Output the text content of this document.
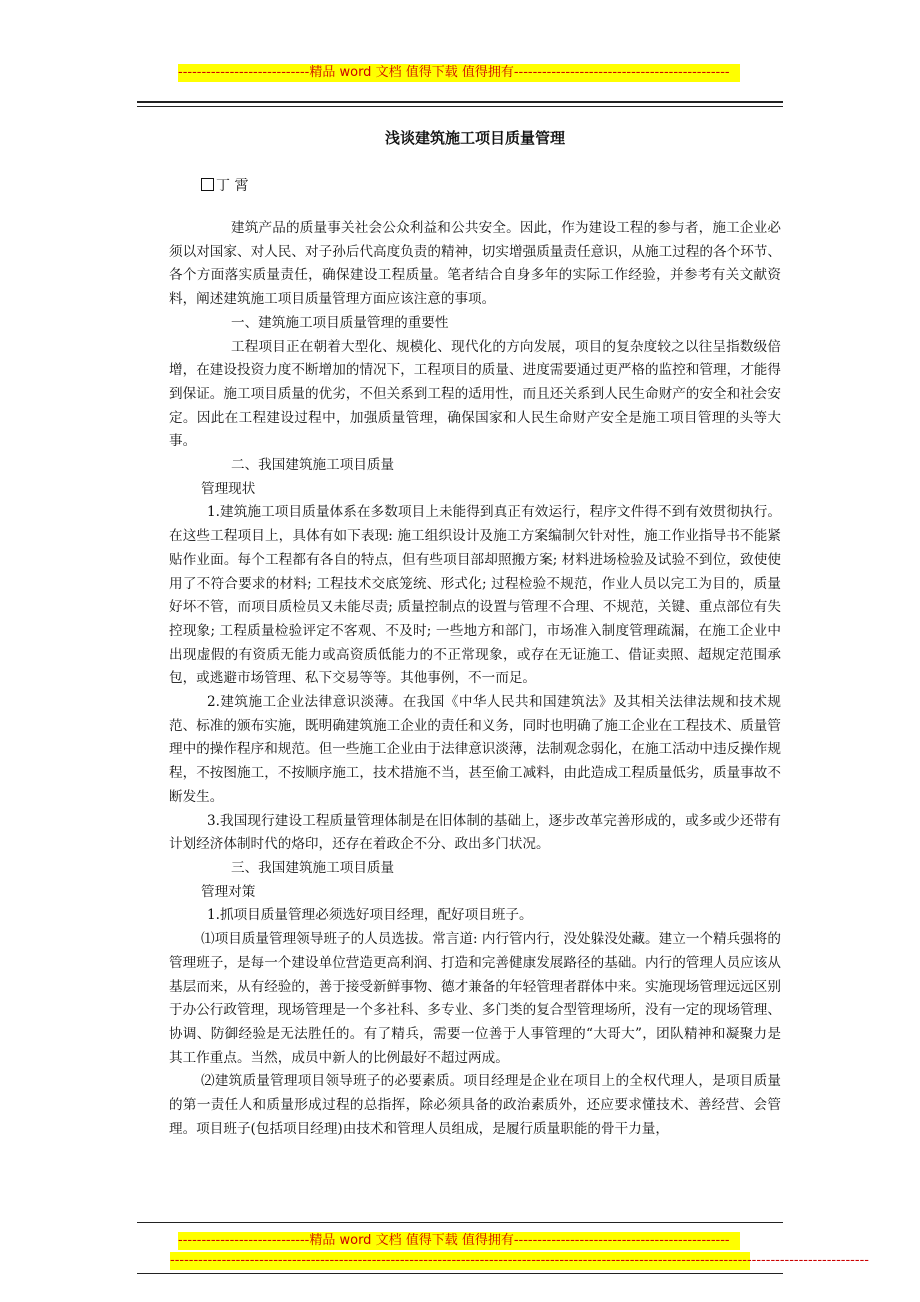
----------------------------精品 word 文档 值得下载 值得拥有----------------------------------------------
浅谈建筑施工项目质量管理
丁 霄

建筑产品的质量事关社会公众利益和公共安全。因此，作为建设工程的参与者，施工企业必须以对国家、对人民、对子孙后代高度负责的精神，切实增强质量责任意识，从施工过程的各个环节、各个方面落实质量责任，确保建设工程质量。笔者结合自身多年的实际工作经验，并参考有关文献资料，阐述建筑施工项目质量管理方面应该注意的事项。

一、建筑施工项目质量管理的重要性

工程项目正在朝着大型化、规模化、现代化的方向发展，项目的复杂度较之以往呈指数级倍增，在建设投资力度不断增加的情况下，工程项目的质量、进度需要通过更严格的监控和管理，才能得到保证。施工项目质量的优劣，不但关系到工程的适用性，而且还关系到人民生命财产的安全和社会安定。因此在工程建设过程中，加强质量管理，确保国家和人民生命财产安全是施工项目管理的头等大事。

二、我国建筑施工项目质量
管理现状

1.建筑施工项目质量体系在多数项目上未能得到真正有效运行，程序文件得不到有效贯彻执行。在这些工程项目上，具体有如下表现: 施工组织设计及施工方案编制欠针对性，施工作业指导书不能紧贴作业面。每个工程都有各自的特点，但有些项目部却照搬方案; 材料进场检验及试验不到位，致使使用了不符合要求的材料; 工程技术交底笼统、形式化; 过程检验不规范，作业人员以完工为目的，质量好坏不管，而项目质检员又未能尽责; 质量控制点的设置与管理不合理、不规范，关键、重点部位有失控现象; 工程质量检验评定不客观、不及时; 一些地方和部门，市场准入制度管理疏漏，在施工企业中出现虚假的有资质无能力或高资质低能力的不正常现象，或存在无证施工、借证卖照、超规定范围承包，或逃避市场管理、私下交易等等。其他事例，不一而足。

2.建筑施工企业法律意识淡薄。在我国《中华人民共和国建筑法》及其相关法律法规和技术规范、标准的颁布实施，既明确建筑施工企业的责任和义务，同时也明确了施工企业在工程技术、质量管理中的操作程序和规范。但一些施工企业由于法律意识淡薄，法制观念弱化，在施工活动中违反操作规程，不按图施工，不按顺序施工，技术措施不当，甚至偷工减料，由此造成工程质量低劣，质量事故不断发生。

3.我国现行建设工程质量管理体制是在旧体制的基础上，逐步改革完善形成的，或多或少还带有计划经济体制时代的烙印，还存在着政企不分、政出多门状况。

三、我国建筑施工项目质量
管理对策

1.抓项目质量管理必须选好项目经理，配好项目班子。

⑴项目质量管理领导班子的人员选拔。常言道: 内行管内行，没处躲没处藏。建立一个精兵强将的管理班子，是每一个建设单位营造更高利润、打造和完善健康发展路径的基础。内行的管理人员应该从基层而来，从有经验的，善于接受新鲜事物、德才兼备的年轻管理者群体中来。实施现场管理远远区别于办公行政管理，现场管理是一个多社科、多专业、多门类的复合型管理场所，没有一定的现场管理、协调、防御经验是无法胜任的。有了精兵，需要一位善于人事管理的“大哥大”，团队精神和凝聚力是其工作重点。当然，成员中新人的比例最好不超过两成。

⑵建筑质量管理项目领导班子的必要素质。项目经理是企业在项目上的全权代理人，是项目质量的第一责任人和质量形成过程的总指挥，除必须具备的政治素质外，还应要求懂技术、善经营、会管理。项目班子(包括项目经理)由技术和管理人员组成，是履行质量职能的骨干力量，

----------------------------精品 word 文档 值得下载 值得拥有----------------------------------------------
-----------------------------------------------------------------------------------------------------------------------------------------------------
